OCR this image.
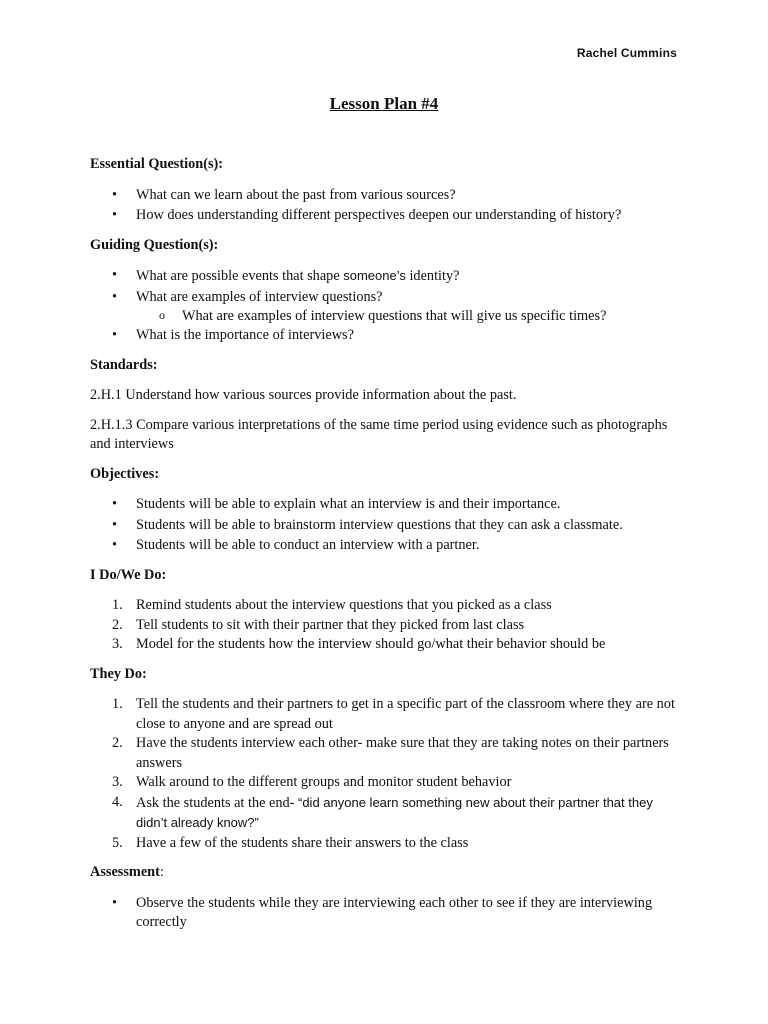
Rachel Cummins
Lesson Plan #4
Essential Question(s):
• What can we learn about the past from various sources?
• How does understanding different perspectives deepen our understanding of history?
Guiding Question(s):
• What are possible events that shape someone’s identity?
• What are examples of interview questions?
o What are examples of interview questions that will give us specific times?
• What is the importance of interviews?
Standards:
2.H.1 Understand how various sources provide information about the past.
2.H.1.3 Compare various interpretations of the same time period using evidence such as photographs and interviews
Objectives:
• Students will be able to explain what an interview is and their importance.
• Students will be able to brainstorm interview questions that they can ask a classmate.
• Students will be able to conduct an interview with a partner.
I Do/We Do:
1. Remind students about the interview questions that you picked as a class
2. Tell students to sit with their partner that they picked from last class
3. Model for the students how the interview should go/what their behavior should be
They Do:
1. Tell the students and their partners to get in a specific part of the classroom where they are not close to anyone and are spread out
2. Have the students interview each other- make sure that they are taking notes on their partners answers
3. Walk around to the different groups and monitor student behavior
4. Ask the students at the end- “did anyone learn something new about their partner that they didn’t already know?”
5. Have a few of the students share their answers to the class
Assessment:
• Observe the students while they are interviewing each other to see if they are interviewing correctly
